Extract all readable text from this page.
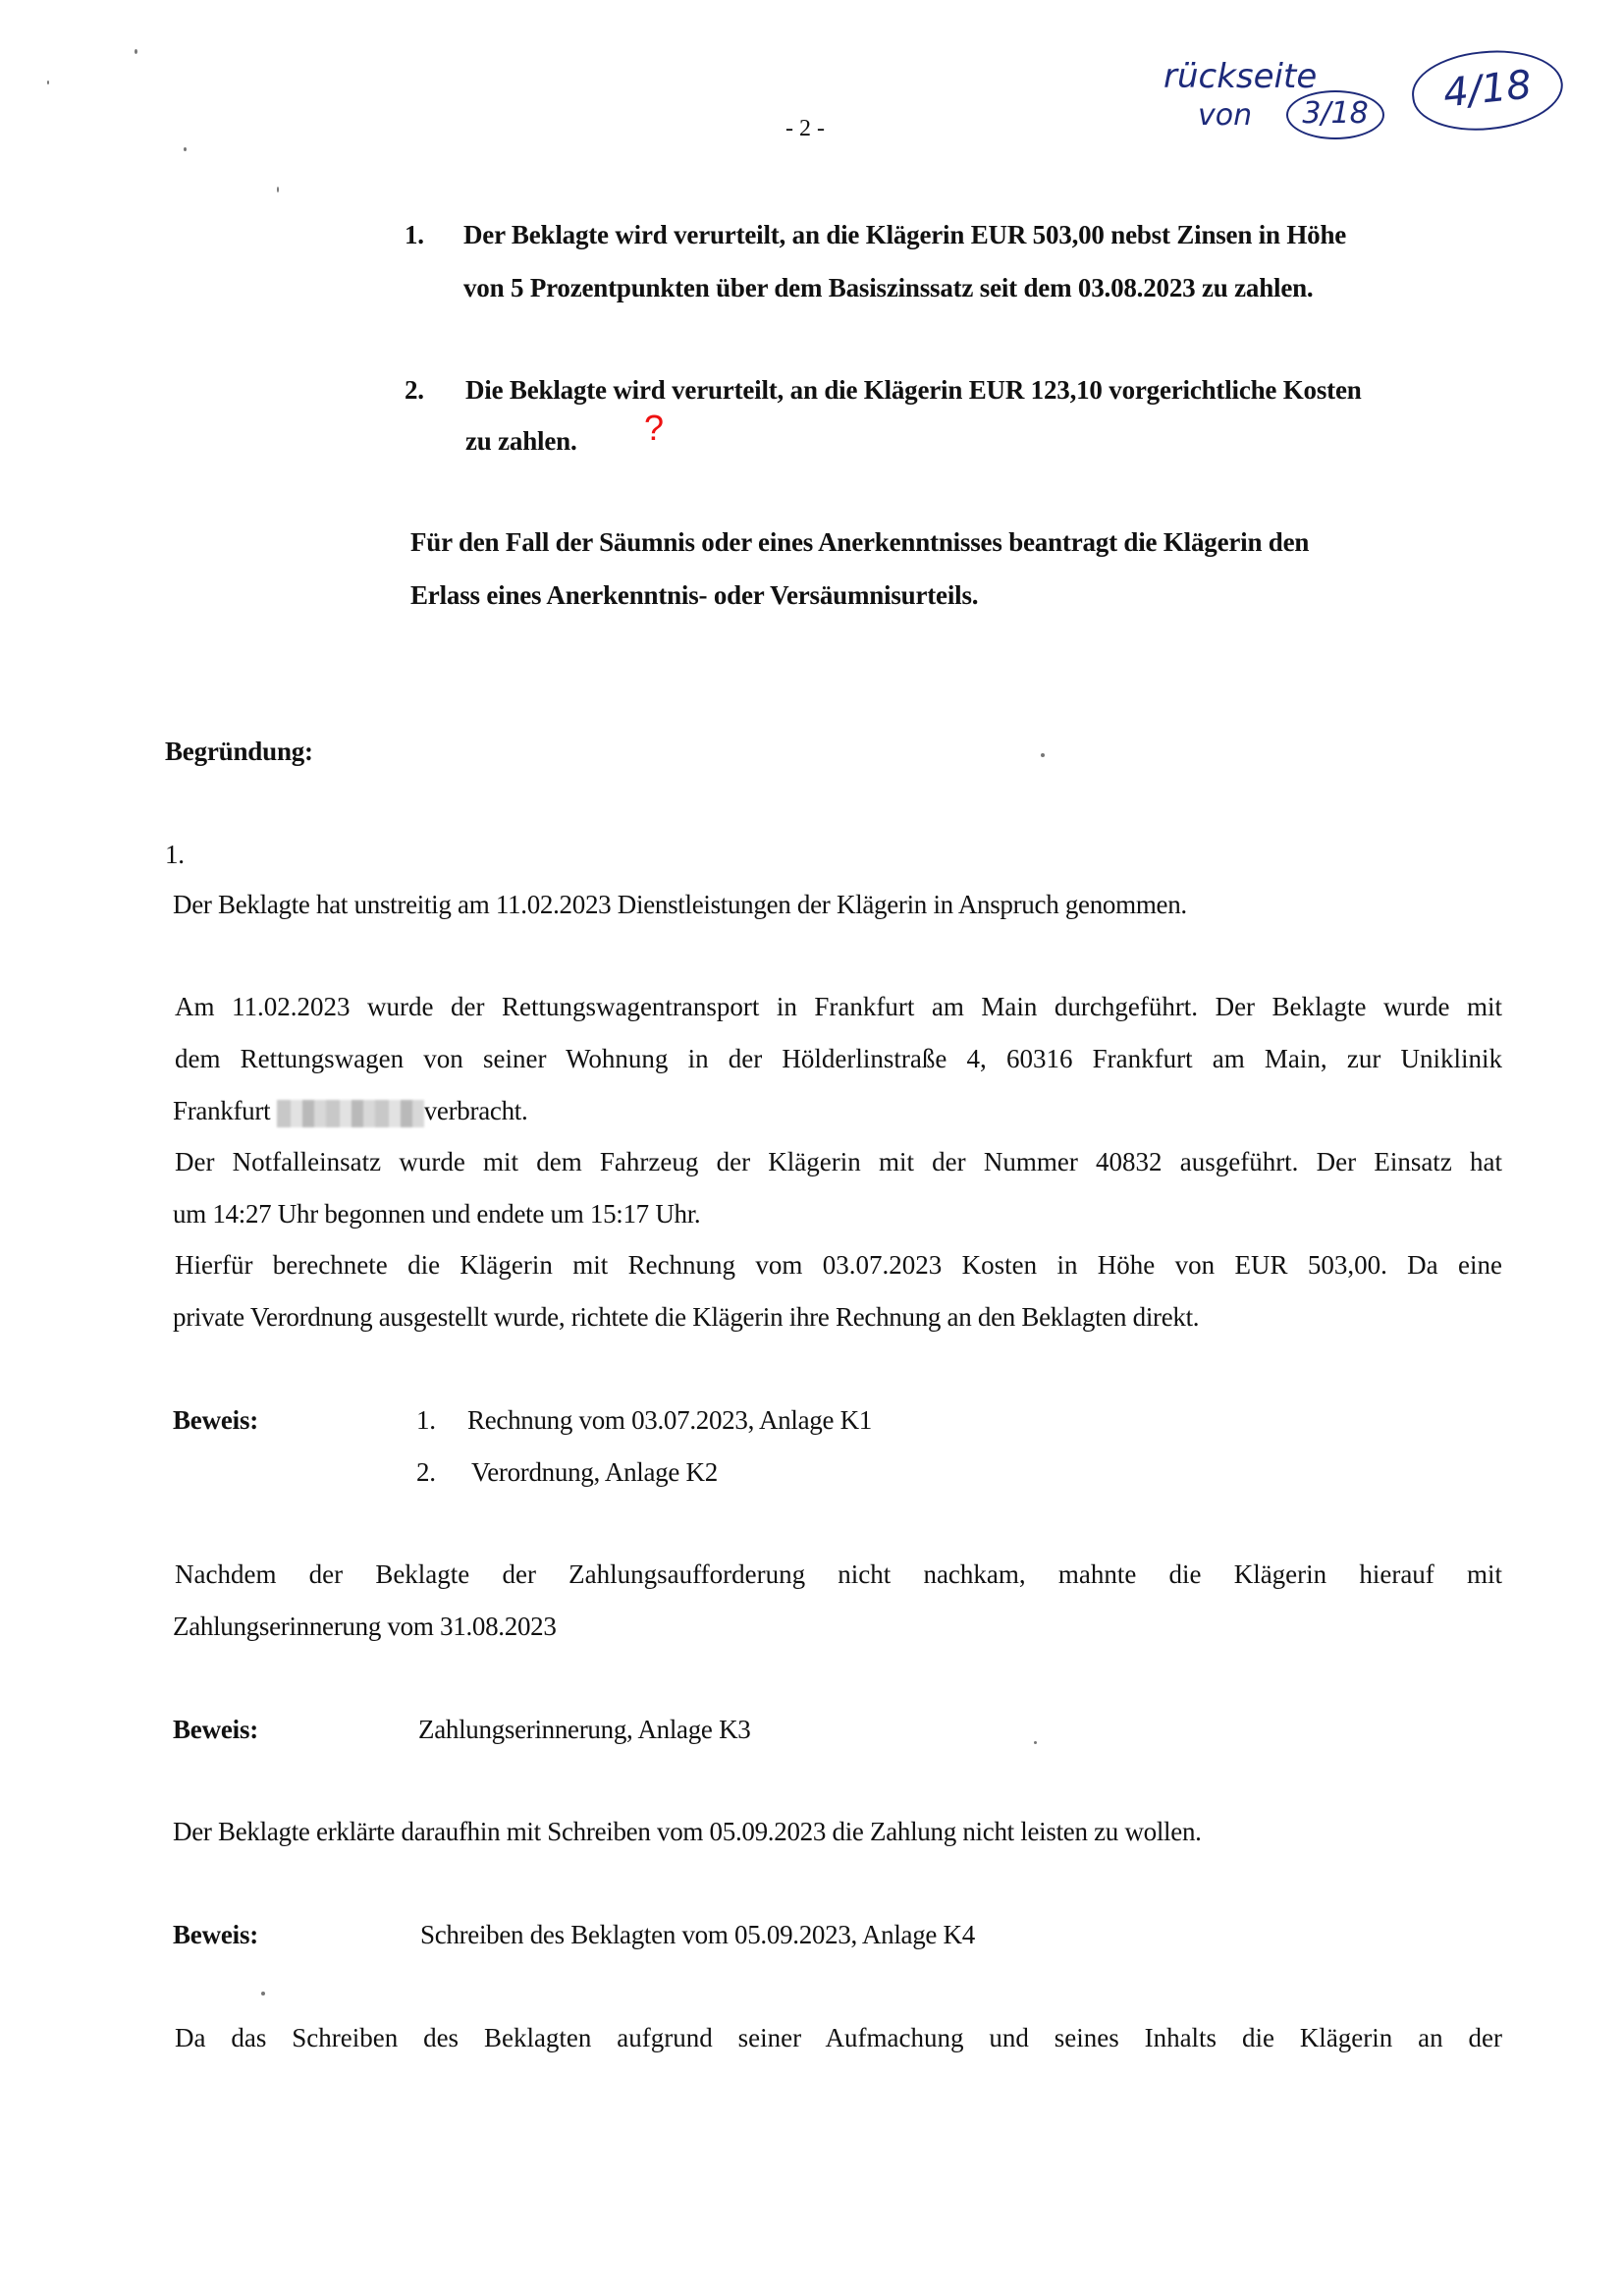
- 2 -
rückseite
von	3/18	4/18
1. Der Beklagte wird verurteilt, an die Klägerin EUR 503,00 nebst Zinsen in Höhe
von 5 Prozentpunkten über dem Basiszinssatz seit dem 03.08.2023 zu zahlen.
2. Die Beklagte wird verurteilt, an die Klägerin EUR 123,10 vorgerichtliche Kosten
zu zahlen. ?
Für den Fall der Säumnis oder eines Anerkenntnisses beantragt die Klägerin den
Erlass eines Anerkenntnis- oder Versäumnisurteils.
Begründung:
1.
Der Beklagte hat unstreitig am 11.02.2023 Dienstleistungen der Klägerin in Anspruch genommen.
Am 11.02.2023 wurde der Rettungswagentransport in Frankfurt am Main durchgeführt. Der Beklagte wurde mit
dem Rettungswagen von seiner Wohnung in der Hölderlinstraße 4, 60316 Frankfurt am Main, zur Uniklinik
Frankfurt	verbracht.
Der Notfalleinsatz wurde mit dem Fahrzeug der Klägerin mit der Nummer 40832 ausgeführt. Der Einsatz hat
um 14:27 Uhr begonnen und endete um 15:17 Uhr.
Hierfür berechnete die Klägerin mit Rechnung vom 03.07.2023 Kosten in Höhe von EUR 503,00. Da eine
private Verordnung ausgestellt wurde, richtete die Klägerin ihre Rechnung an den Beklagten direkt.
Beweis:	1. Rechnung vom 03.07.2023, Anlage K1
2. Verordnung, Anlage K2
Nachdem der Beklagte der Zahlungsaufforderung nicht nachkam, mahnte die Klägerin hierauf mit
Zahlungserinnerung vom 31.08.2023
Beweis:	Zahlungserinnerung, Anlage K3
Der Beklagte erklärte daraufhin mit Schreiben vom 05.09.2023 die Zahlung nicht leisten zu wollen.
Beweis:	Schreiben des Beklagten vom 05.09.2023, Anlage K4
Da das Schreiben des Beklagten aufgrund seiner Aufmachung und seines Inhalts die Klägerin an der
